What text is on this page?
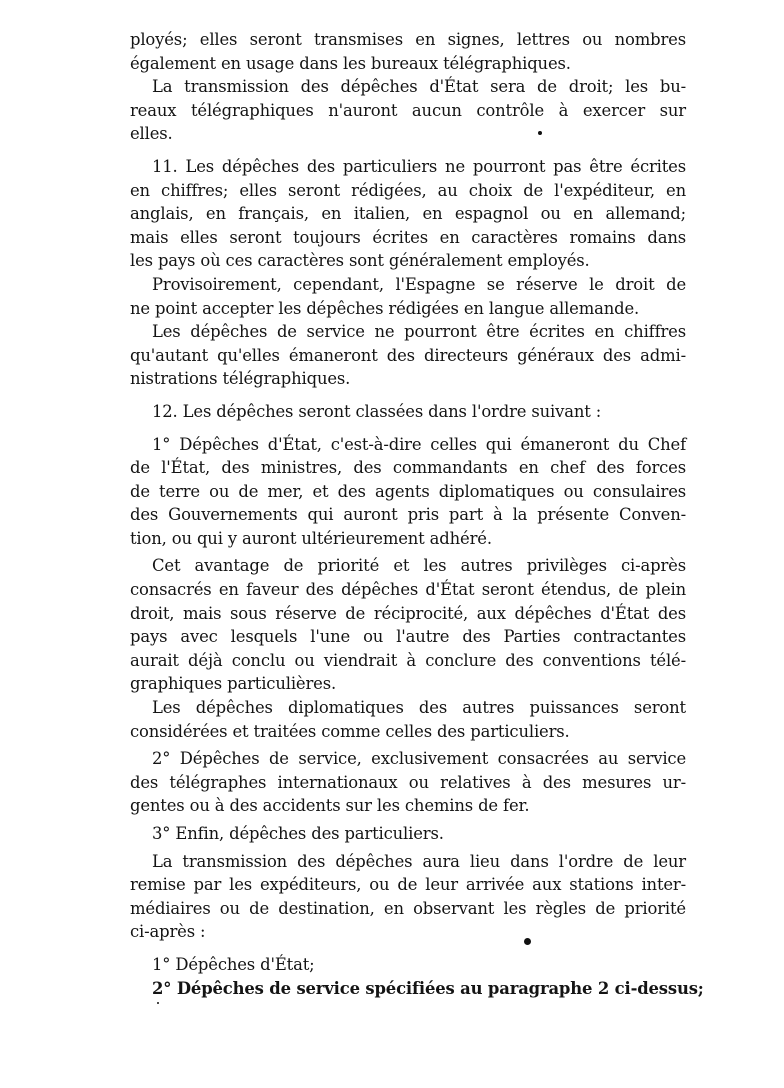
ployés; elles seront transmises en signes, lettres ou nombres
également en usage dans les bureaux télégraphiques.

La transmission des dépêches d'État sera de droit; les bu-
reaux télégraphiques n'auront aucun contrôle à exercer sur
elles.

11. Les dépêches des particuliers ne pourront pas être écrites
en chiffres; elles seront rédigées, au choix de l'expéditeur, en
anglais, en français, en italien, en espagnol ou en allemand;
mais elles seront toujours écrites en caractères romains dans
les pays où ces caractères sont généralement employés.

Provisoirement, cependant, l'Espagne se réserve le droit de
ne point accepter les dépêches rédigées en langue allemande.

Les dépêches de service ne pourront être écrites en chiffres
qu'autant qu'elles émaneront des directeurs généraux des admi-
nistrations télégraphiques.

12. Les dépêches seront classées dans l'ordre suivant :

1° Dépêches d'État, c'est-à-dire celles qui émaneront du Chef
de l'État, des ministres, des commandants en chef des forces
de terre ou de mer, et des agents diplomatiques ou consulaires
des Gouvernements qui auront pris part à la présente Conven-
tion, ou qui y auront ultérieurement adhéré.

Cet avantage de priorité et les autres privilèges ci-après
consacrés en faveur des dépêches d'État seront étendus, de plein
droit, mais sous réserve de réciprocité, aux dépêches d'État des
pays avec lesquels l'une ou l'autre des Parties contractantes
aurait déjà conclu ou viendrait à conclure des conventions télé-
graphiques particulières.

Les dépêches diplomatiques des autres puissances seront
considérées et traitées comme celles des particuliers.

2° Dépêches de service, exclusivement consacrées au service
des télégraphes internationaux ou relatives à des mesures ur-
gentes ou à des accidents sur les chemins de fer.

3° Enfin, dépêches des particuliers.

La transmission des dépêches aura lieu dans l'ordre de leur
remise par les expéditeurs, ou de leur arrivée aux stations inter-
médiaires ou de destination, en observant les règles de priorité
ci-après :

1° Dépêches d'État;

2° Dépêches de service spécifiées au paragraphe 2 ci-dessus;
